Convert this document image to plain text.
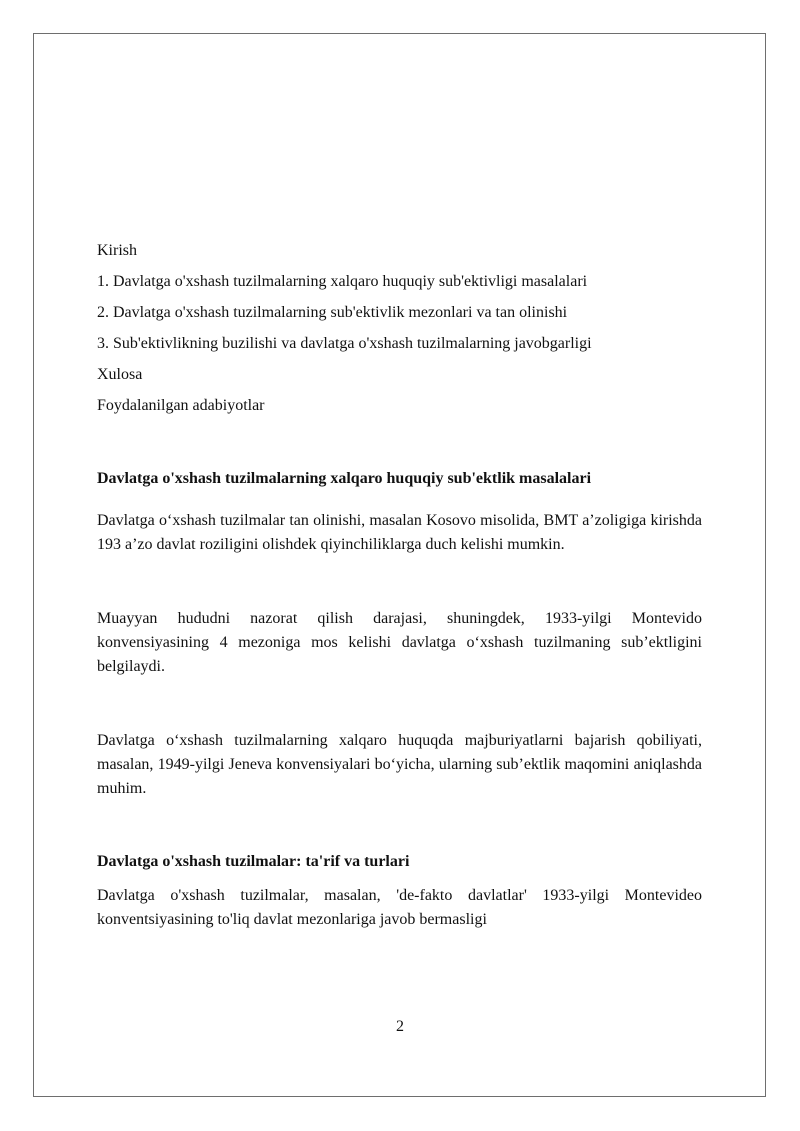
Kirish
1. Davlatga o'xshash tuzilmalarning xalqaro huquqiy sub'ektivligi masalalari
2. Davlatga o'xshash tuzilmalarning sub'ektivlik mezonlari va tan olinishi
3. Sub'ektivlikning buzilishi va davlatga o'xshash tuzilmalarning javobgarligi
Xulosa
Foydalanilgan adabiyotlar
Davlatga o'xshash tuzilmalarning xalqaro huquqiy sub'ektlik masalalari
Davlatga o‘xshash tuzilmalar tan olinishi, masalan Kosovo misolida, BMT a’zoligiga kirishda 193 a’zo davlat roziligini olishdek qiyinchiliklarga duch kelishi mumkin.
Muayyan hududni nazorat qilish darajasi, shuningdek, 1933-yilgi Montevido konvensiyasining 4 mezoniga mos kelishi davlatga o‘xshash tuzilmaning sub’ektligini belgilaydi.
Davlatga o‘xshash tuzilmalarning xalqaro huquqda majburiyatlarni bajarish qobiliyati, masalan, 1949-yilgi Jeneva konvensiyalari bo‘yicha, ularning sub’ektlik maqomini aniqlashda muhim.
Davlatga o'xshash tuzilmalar: ta'rif va turlari
Davlatga o'xshash tuzilmalar, masalan, 'de-fakto davlatlar' 1933-yilgi Montevideo konventsiyasining to'liq davlat mezonlariga javob bermasligi
2
